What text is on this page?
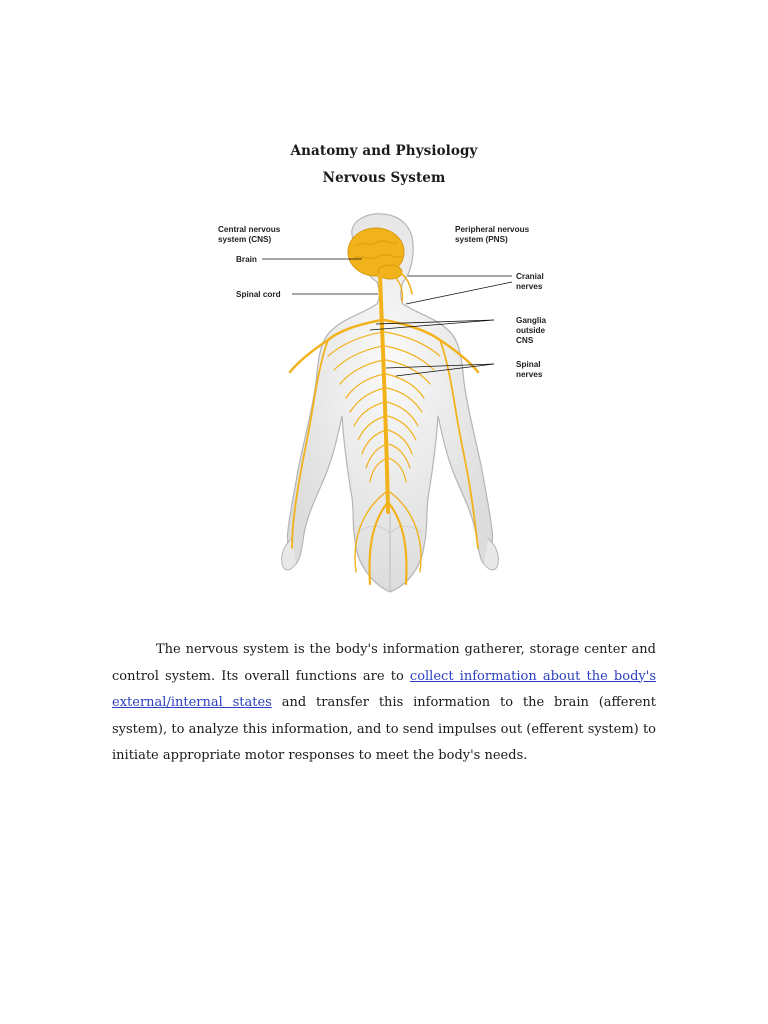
Anatomy and Physiology
Nervous System
Central nervous
system (CNS)
Brain
Spinal cord
Peripheral nervous
system (PNS)
Cranial
nerves
Ganglia
outside
CNS
Spinal
nerves

The nervous system is the body's information gatherer, storage center and control system. Its overall functions are to collect information about the body's external/internal states and transfer this information to the brain (afferent system), to analyze this information, and to send impulses out (efferent system) to initiate appropriate motor responses to meet the body's needs.
